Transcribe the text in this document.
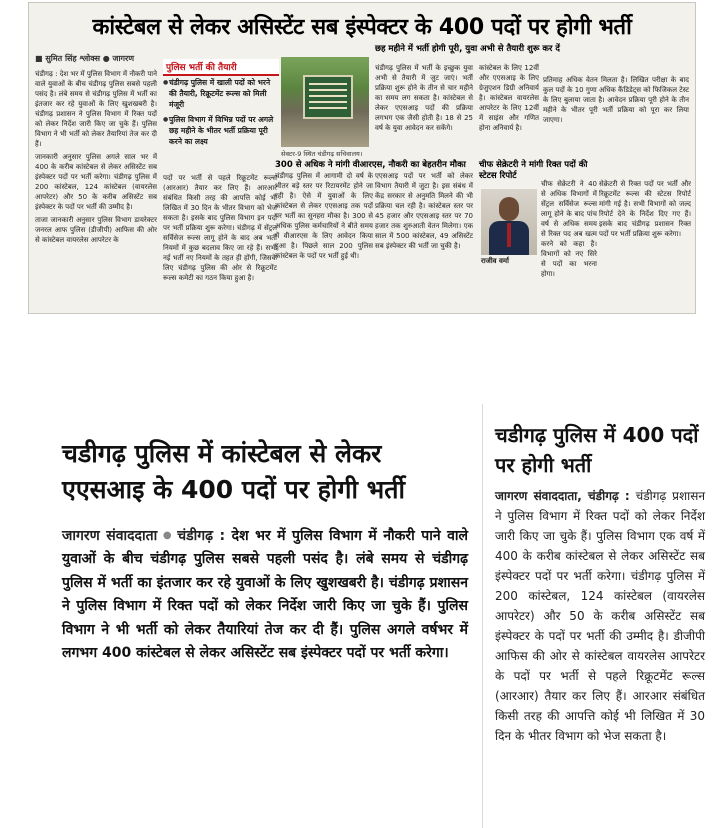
कांस्टेबल से लेकर असिस्टेंट सब इंस्पेक्टर के 400 पदों पर होगी भर्ती
■ सुमित सिंह श्लोक्स ● जागरण

चंडीगढ़ : देश भर में पुलिस विभाग में नौकरी पाने वाले युवाओं के बीच चंडीगढ़ पुलिस सबसे पहली पसंद है। लंबे समय से चंडीगढ़ पुलिस में भर्ती का इंतजार कर रहे युवाओं के लिए खुशखबरी है। चंडीगढ़ प्रशासन ने पुलिस विभाग में रिक्त पदों को लेकर निर्देश जारी किए जा चुके हैं। पुलिस विभाग ने भी भर्ती को लेकर तैयारियां तेज कर दी हैं।

जानकारी अनुसार पुलिस अगले साल भर में 400 के करीब कांस्टेबल से लेकर असिस्टेंट सब इंस्पेक्टर पदों पर भर्ती करेगा। चंडीगढ़ पुलिस में 200 कांस्टेबल, 124 कांस्टेबल (वायरलेस आपरेटर) और 50 के करीब असिस्टेंट सब इंस्पेक्टर के पदों पर भर्ती की उम्मीद है।

ताजा जानकारी अनुसार पुलिस विभाग डायरेक्टर जनरल आफ पुलिस (डीजीपी) आफिस की ओर से कांस्टेबल वायरलेस आपरेटर के

पुलिस भर्ती की तैयारी
● चंडीगढ़ पुलिस में खाली पदों को भरने की तैयारी, रिक्रूटमेंट रूल्स को मिली मंजूरी
● पुलिस विभाग में विभिन्न पदों पर अगले छह महीने के भीतर भर्ती प्रक्रिया पूरी करने का लक्ष्य
पदों पर भर्ती से पहले रिक्रूटमेंट रूल्स (आरआर) तैयार कर लिए हैं। आरआर संबंधित किसी तरह की आपत्ति कोई भी लिखित में 30 दिन के भीतर विभाग को भेज सकता है। इसके बाद पुलिस विभाग इन पदों पर भर्ती प्रक्रिया शुरू करेगा। चंडीगढ़ में सेंट्रल सर्विसेज रूल्स लागू होने के बाद अब भर्ती नियमों में कुछ बदलाव किए जा रहे हैं। सभी नई भर्ती नए नियमों के तहत ही होंगी, जिसके लिए चंडीगढ़ पुलिस की ओर से रिक्रूटमेंट रूल्स कमेटी का गठन किया हुआ है।
सेक्टर-9 स्थित चंडीगढ़ सचिवालय।
छह महीने में भर्ती होगी पूरी, युवा अभी से तैयारी शुरू कर दें
चंडीगढ़ पुलिस में भर्ती के इच्छुक युवा अभी से तैयारी में जुट जाएं। भर्ती प्रक्रिया शुरू होने के तीन से चार महीने का समय लग सकता है। कांस्टेबल से लेकर एएसआइ पदों की प्रक्रिया लगभग एक जैसी होती है। 18 से 25 वर्ष के युवा आवेदन कर सकेंगे।
कांस्टेबल के लिए 12वीं और एएसआइ के लिए ग्रेजुएशन डिग्री अनिवार्य है। कांस्टेबल वायरलेस आपरेटर के लिए 12वीं में साइंस और गणित होना अनिवार्य है।
प्रतिमाह अधिक वेतन मिलता है। लिखित परीक्षा के बाद कुल पदों के 10 गुणा अधिक कैंडिडेट्स को फिजिकल टेस्ट के लिए बुलाया जाता है। आवेदन प्रक्रिया पूरी होने के तीन महीने के भीतर पूरी भर्ती प्रक्रिया को पूरा कर लिया जाएगा।
300 से अधिक ने मांगी वीआरएस, नौकरी का बेहतरीन मौका
चंडीगढ़ पुलिस में आगामी दो वर्ष के भीतर बड़े स्तर पर रिटायरमेंट होने जा रही है। ऐसे में युवाओं के लिए कांस्टेबल से लेकर एएसआइ तक पदों पर भर्ती का सुनहरा मौका है। 300 से अधिक पुलिस कर्मचारियों ने बीते समय में वीआरएस के लिए आवेदन किया हुआ है। पिछले साल 200 पुलिस कांस्टेबल के पदों पर भर्ती हुई थी।
एएसआइ पदों पर भर्ती को लेकर विभाग तैयारी में जुटा है। इस संबंध में केंद्र सरकार से अनुमति मिलने की भी प्रक्रिया चल रही है। कांस्टेबल स्तर पर 45 हजार और एएसआइ स्तर पर 70 हजार तक शुरुआती वेतन मिलेगा। एक साल में 500 कांस्टेबल, 49 असिस्टेंट सब इंस्पेक्टर की भर्ती जा चुकी है।
चीफ सेक्रेटरी ने मांगी रिक्त पदों की स्टेटस रिपोर्ट
राजीव वर्मा
चीफ सेक्रेटरी ने 40 से अधिक विभागों में सेंट्रल सर्विसेज रूल्स लागू होने के बाद पांच वर्ष से अधिक समय से रिक्त पद अब खत्म करने को कहा है। विभागों को नए सिरे से पदों का भरना होगा।
सेक्रेटरी से रिक्त पदों पर भर्ती और रिक्रूटमेंट रूल्स की स्टेटस रिपोर्ट मांगी गई है। सभी विभागों को जल्द रिपोर्ट देने के निर्देश दिए गए हैं। इसके बाद चंडीगढ़ प्रशासन रिक्त पदों पर भर्ती प्रक्रिया शुरू करेगा।
चडीगढ़ पुलिस में कांस्टेबल से लेकर एएसआइ के 400 पदों पर होगी भर्ती
जागरण संवाददाता ● चंडीगढ़ : देश भर में पुलिस विभाग में नौकरी पाने वाले युवाओं के बीच चंडीगढ़ पुलिस सबसे पहली पसंद है। लंबे समय से चंडीगढ़ पुलिस में भर्ती का इंतजार कर रहे युवाओं के लिए खुशखबरी है। चंडीगढ़ प्रशासन ने पुलिस विभाग में रिक्त पदों को लेकर निर्देश जारी किए जा चुके हैं। पुलिस विभाग ने भी भर्ती को लेकर तैयारियां तेज कर दी हैं। पुलिस अगले वर्षभर में लगभग 400 कांस्टेबल से लेकर असिस्टेंट सब इंस्पेक्टर पदों पर भर्ती करेगा।
चडीगढ़ पुलिस में 400 पदों पर होगी भर्ती
जागरण संवाददाता, चंडीगढ़ : चंडीगढ़ प्रशासन ने पुलिस विभाग में रिक्त पदों को लेकर निर्देश जारी किए जा चुके हैं। पुलिस विभाग एक वर्ष में 400 के करीब कांस्टेबल से लेकर असिस्टेंट सब इंस्पेक्टर पदों पर भर्ती करेगा। चंडीगढ़ पुलिस में 200 कांस्टेबल, 124 कांस्टेबल (वायरलेस आपरेटर) और 50 के करीब असिस्टेंट सब इंस्पेक्टर के पदों पर भर्ती की उम्मीद है। डीजीपी आफिस की ओर से कांस्टेबल वायरलेस आपरेटर के पदों पर भर्ती से पहले रिक्रूटमेंट रूल्स (आरआर) तैयार कर लिए हैं। आरआर संबंधित किसी तरह की आपत्ति कोई भी लिखित में 30 दिन के भीतर विभाग को भेज सकता है।
